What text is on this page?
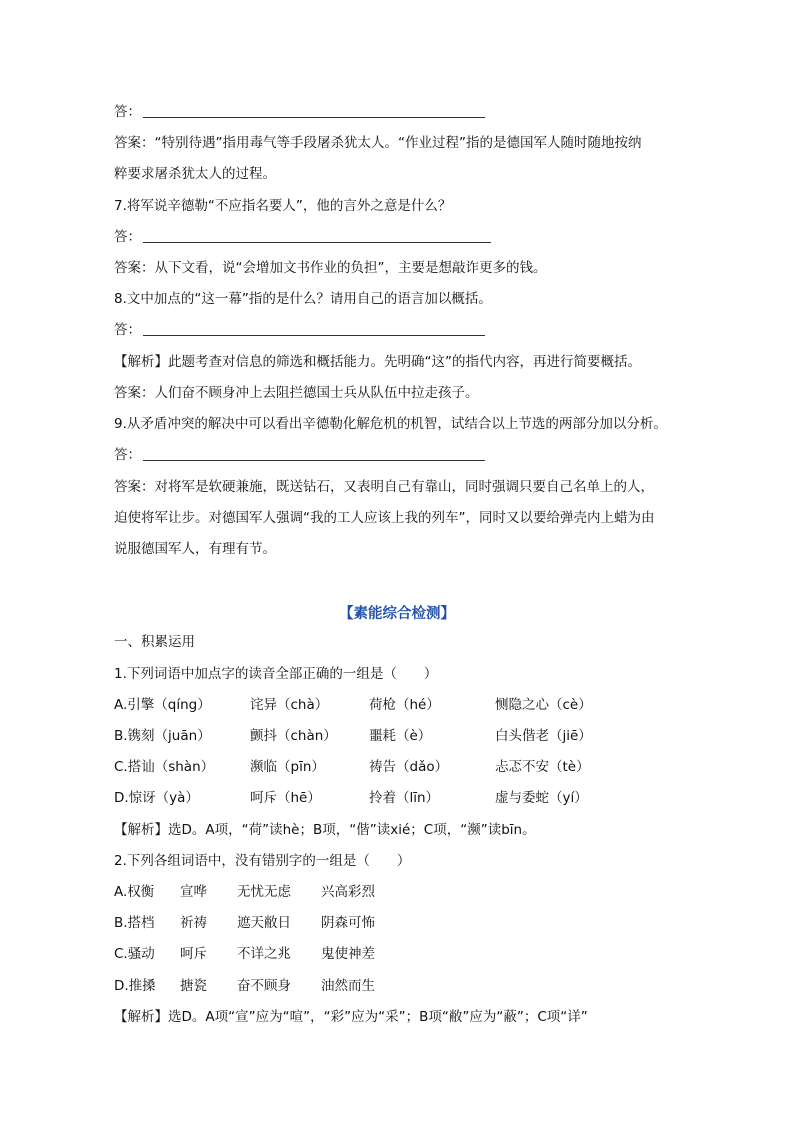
答：
答案：“特别待遇”指用毒气等手段屠杀犹太人。“作业过程”指的是德国军人随时随地按纳
粹要求屠杀犹太人的过程。
7.将军说辛德勒“不应指名要人”，他的言外之意是什么？
答：
答案：从下文看，说“会增加文书作业的负担”，主要是想敲诈更多的钱。
8.文中加点的“这一幕”指的是什么？请用自己的语言加以概括。
答：
【解析】此题考查对信息的筛选和概括能力。先明确“这”的指代内容，再进行简要概括。
答案：人们奋不顾身冲上去阻拦德国士兵从队伍中拉走孩子。
9.从矛盾冲突的解决中可以看出辛德勒化解危机的机智，试结合以上节选的两部分加以分析。
答：
答案：对将军是软硬兼施，既送钻石，又表明自己有靠山，同时强调只要自己名单上的人，
迫使将军让步。对德国军人强调“我的工人应该上我的列车”，同时又以要给弹壳内上蜡为由
说服德国军人，有理有节。
【素能综合检测】
一、积累运用
1.下列词语中加点字的读音全部正确的一组是（　　）
A.引擎（qíng）	诧异（chà）	荷枪（hé）	恻隐之心（cè）
B.镌刻（juān）	颤抖（chàn） 噩耗（è）	白头偕老（jiē）
C.搭讪（shàn）	濒临（pīn）	祷告（dǎo）	忐忑不安（tè）
D.惊讶（yà）	呵斥（hē）	拎着（līn）	虚与委蛇（yí）
【解析】选D。A项，“荷”读hè；B项，“偕”读xié；C项，“濒”读bīn。
2.下列各组词语中，没有错别字的一组是（　　）
A.权衡 宣哗 无忧无虑 兴高彩烈
B.搭档 祈祷 遮天敝日 阴森可怖
C.骚动 呵斥 不详之兆 鬼使神差
D.推搡 搪瓷 奋不顾身 油然而生
【解析】选D。A项“宣”应为“喧”，“彩”应为“采”；B项“敝”应为“蔽”；C项“详”
